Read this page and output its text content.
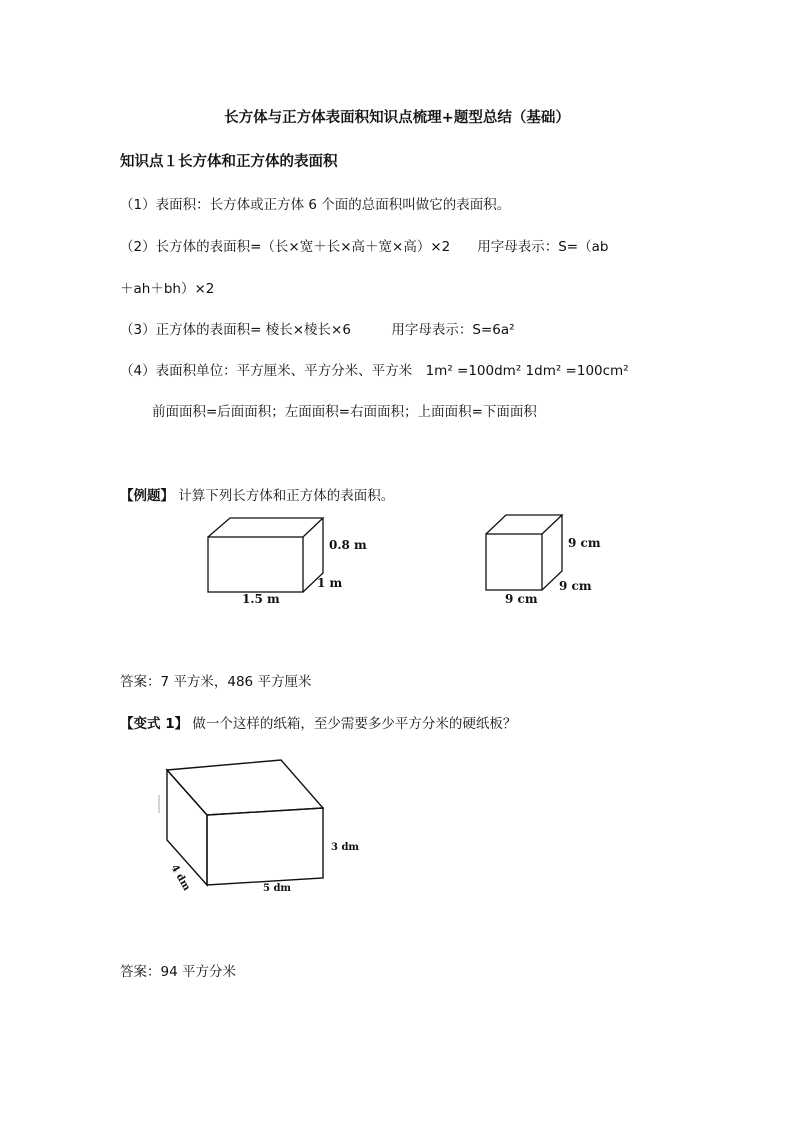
长方体与正方体表面积知识点梳理+题型总结（基础）
知识点１长方体和正方体的表面积
（1）表面积：长方体或正方体 6 个面的总面积叫做它的表面积。
（2）长方体的表面积=（长×宽＋长×高＋宽×高）×2　　用字母表示：S=（ab
＋ah＋bh）×2
（3）正方体的表面积= 棱长×棱长×6　　　用字母表示：S=6a²
（4）表面积单位：平方厘米、平方分米、平方米　1m² =100dm² 1dm² =100cm²
前面面积=后面面积；左面面积=右面面积；上面面积=下面面积
【例题】 计算下列长方体和正方体的表面积。
0.8 m
1 m
1.5 m
9 cm
9 cm
9 cm
答案：7 平方米，486 平方厘米
【变式 1】 做一个这样的纸箱，至少需要多少平方分米的硬纸板？
3 dm
4 dm	5 dm
答案：94 平方分米
